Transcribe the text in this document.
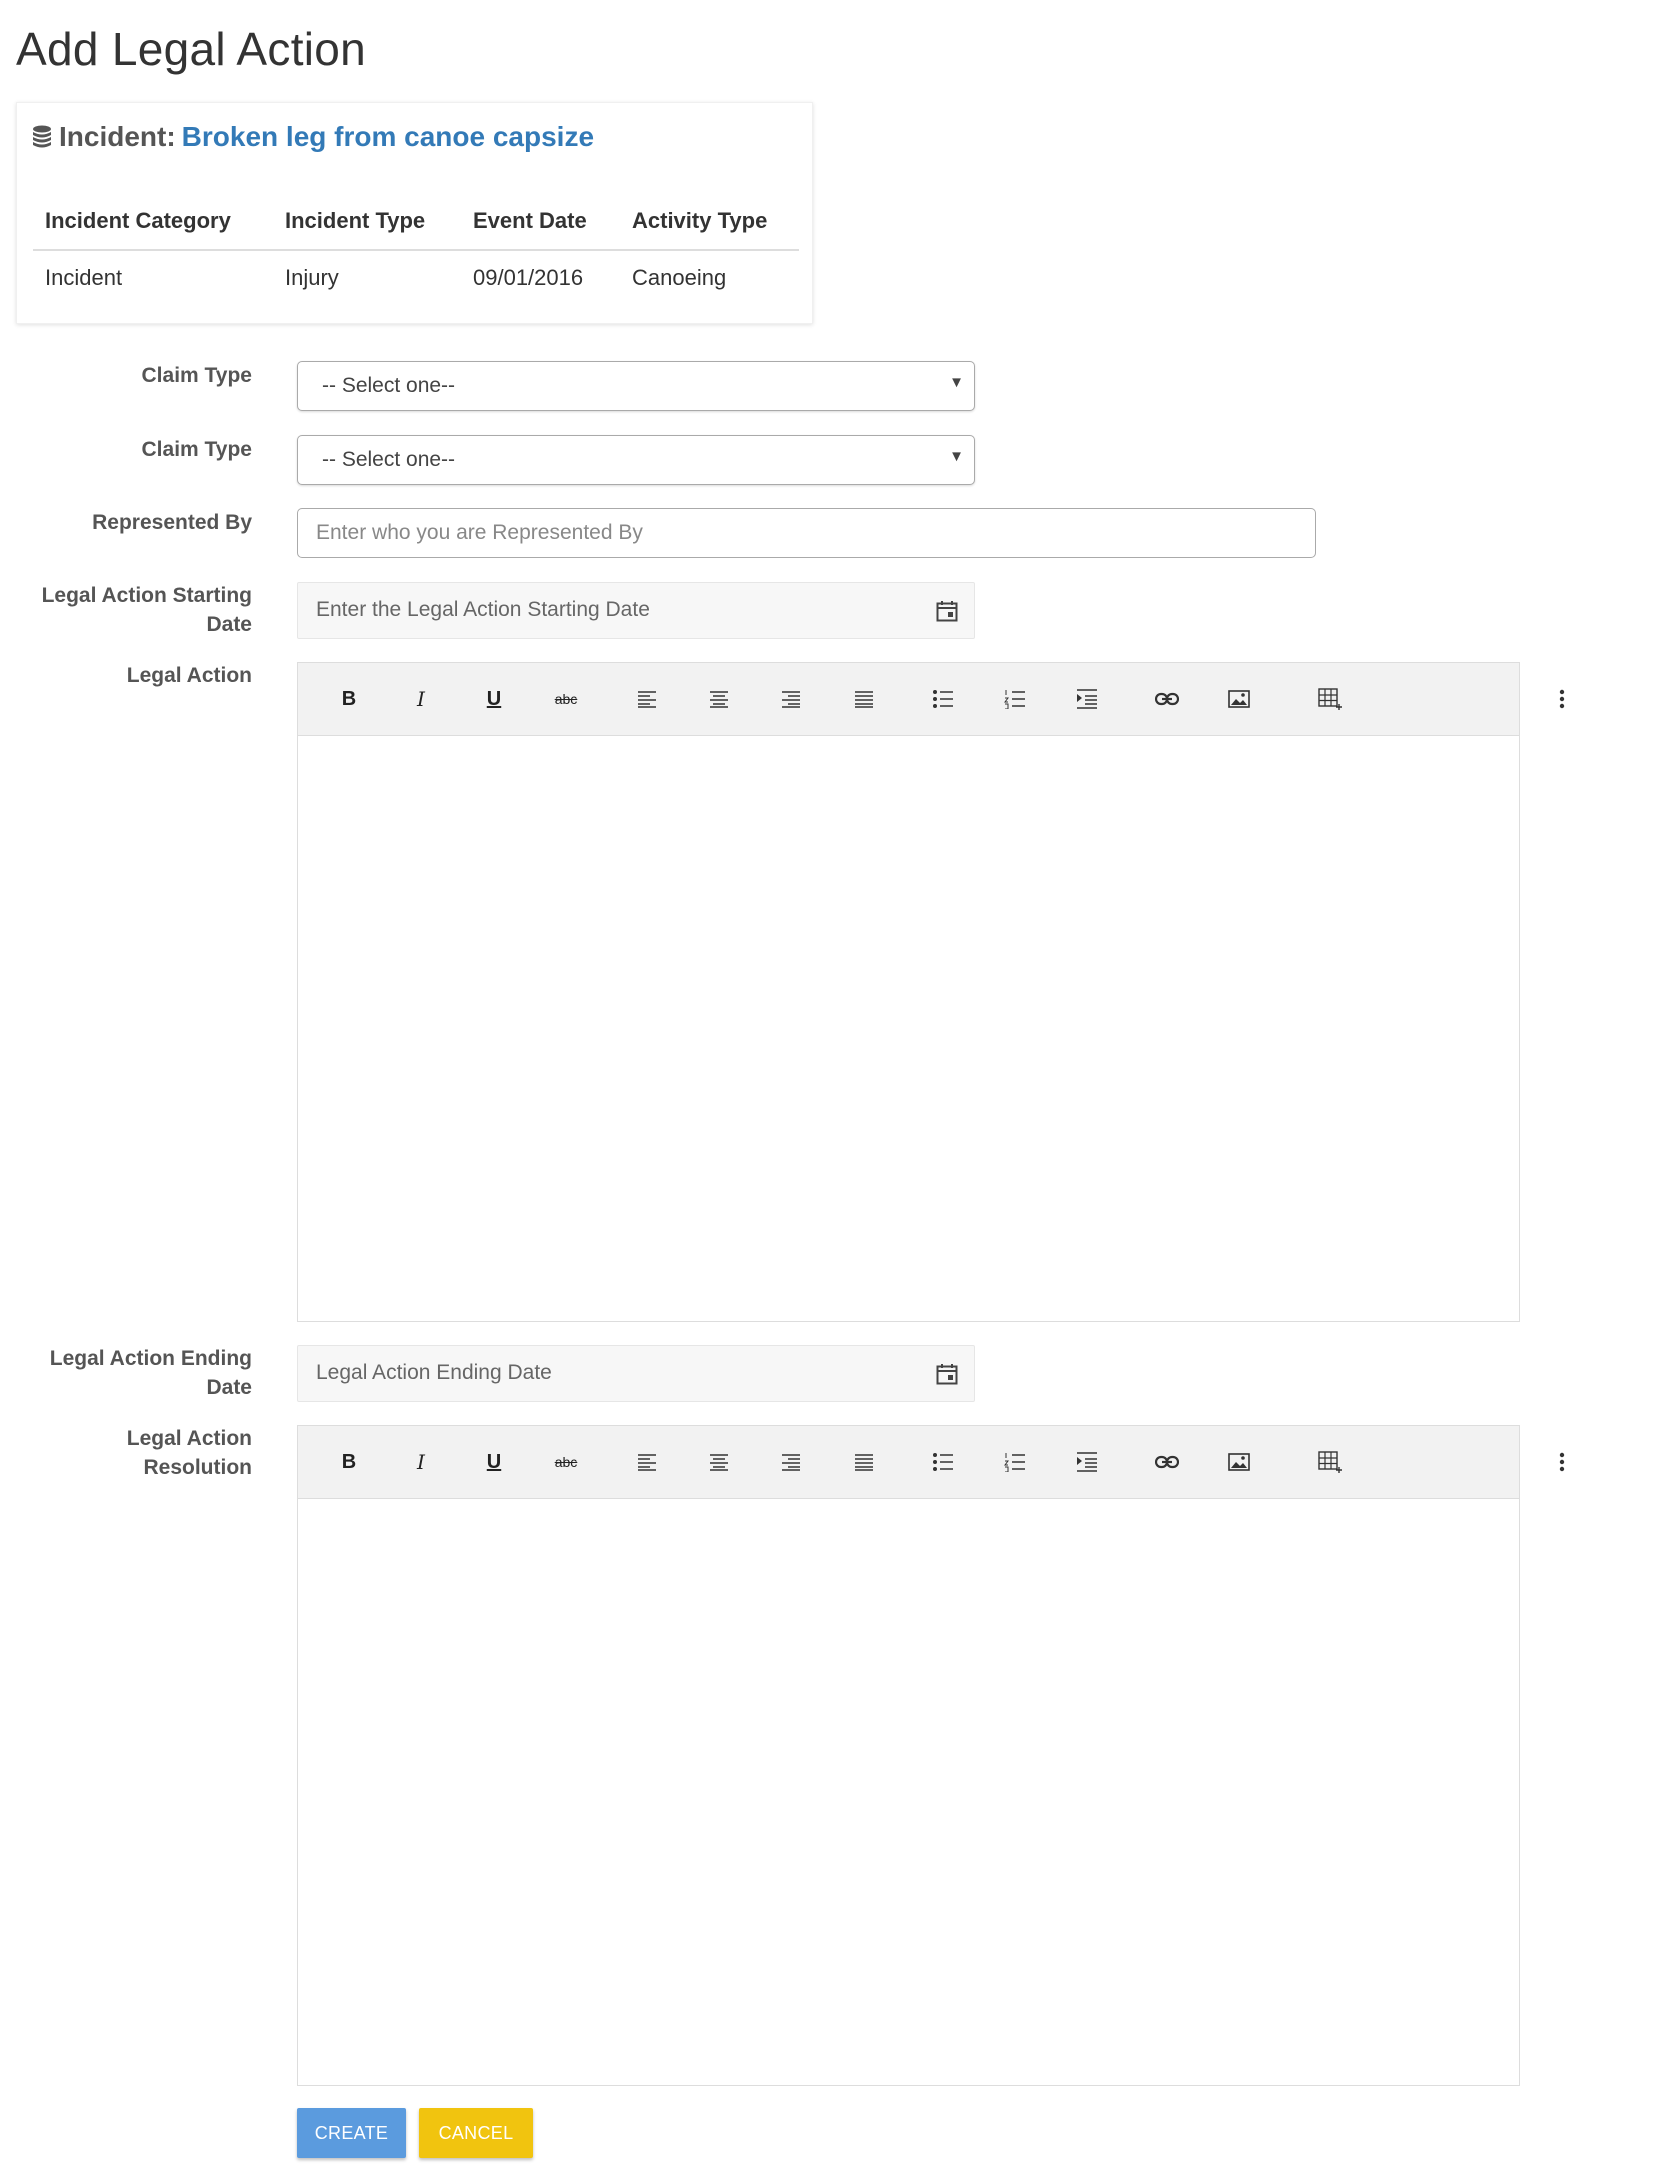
Add Legal Action
Incident: Broken leg from canoe capsize
Incident Category	Incident Type	Event Date	Activity Type
Incident	Injury	09/01/2016	Canoeing
Claim Type	-- Select one--	▼
Claim Type	-- Select one--	▼
Represented By
Enter who you are Represented By
Legal Action Starting
Date
Enter the Legal Action Starting Date
Legal Action
B	I	U	abc
Legal Action Ending
Date
Legal Action Ending Date
Legal Action
Resolution	B	I	U	abc
CREATE	CANCEL
